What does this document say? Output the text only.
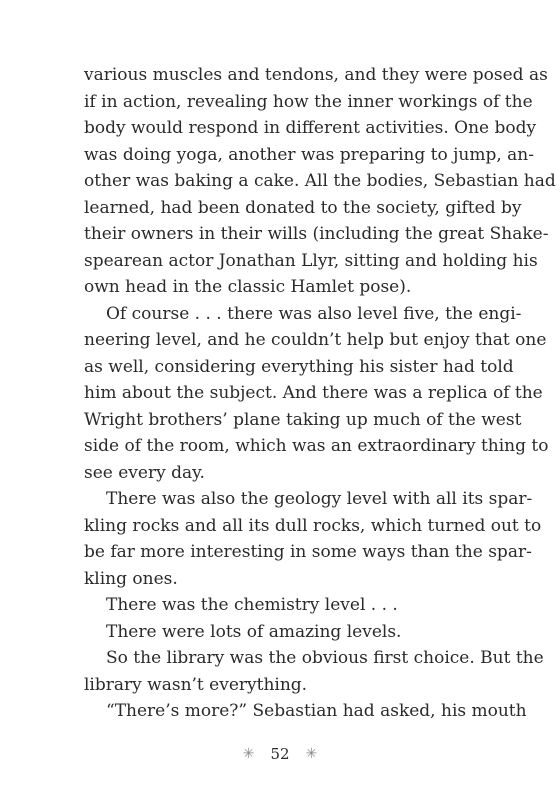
various muscles and tendons, and they were posed as
if in action, revealing how the inner workings of the
body would respond in different activities. One body
was doing yoga, another was preparing to jump, an-
other was baking a cake. All the bodies, Sebastian had
learned, had been donated to the society, gifted by
their owners in their wills (including the great Shake-
spearean actor Jonathan Llyr, sitting and holding his
own head in the classic Hamlet pose).
Of course . . . there was also level five, the engi-
neering level, and he couldn’t help but enjoy that one
as well, considering everything his sister had told
him about the subject. And there was a replica of the
Wright brothers’ plane taking up much of the west
side of the room, which was an extraordinary thing to
see every day.
There was also the geology level with all its spar-
kling rocks and all its dull rocks, which turned out to
be far more interesting in some ways than the spar-
kling ones.
There was the chemistry level . . .
There were lots of amazing levels.
So the library was the obvious first choice. But the
library wasn’t everything.
“There’s more?” Sebastian had asked, his mouth
✳ 52 ✳
